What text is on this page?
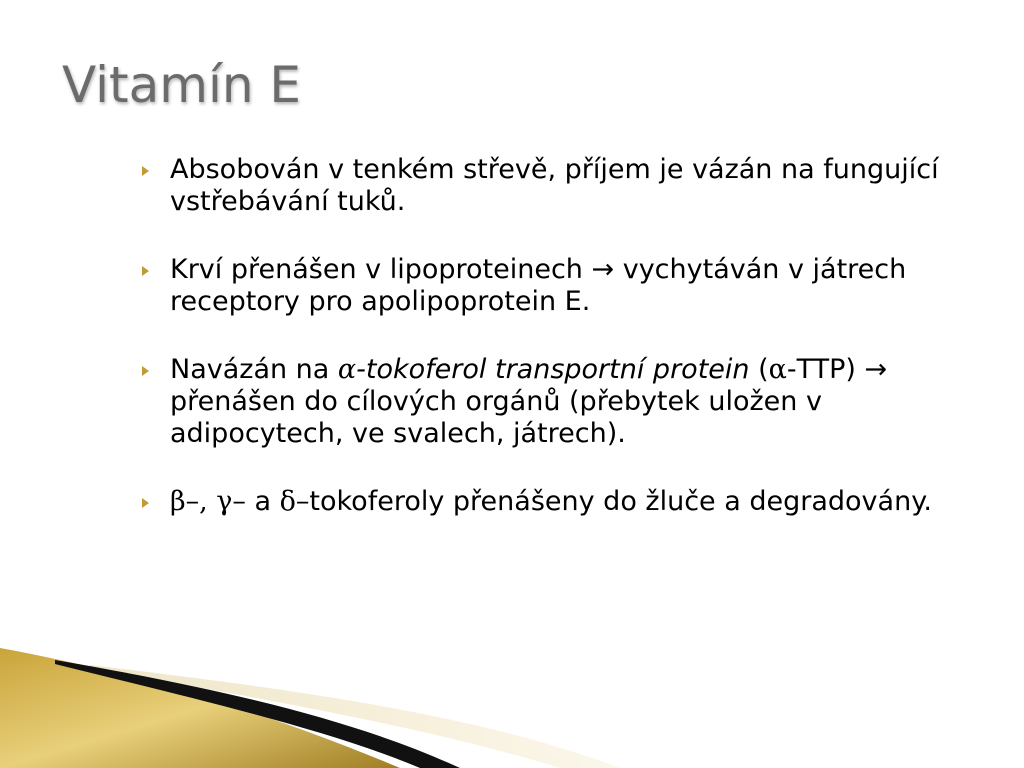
Vitamín E
Absobován v tenkém střevě, příjem je vázán na fungující vstřebávání tuků.
Krví přenášen v lipoproteinech → vychytáván v játrech receptory pro apolipoprotein E.
Navázán na α-tokoferol transportní protein (α-TTP) → přenášen do cílových orgánů (přebytek uložen v adipocytech, ve svalech, játrech).
β–, γ– a δ–tokoferoly přenášeny do žluče a degradovány.
